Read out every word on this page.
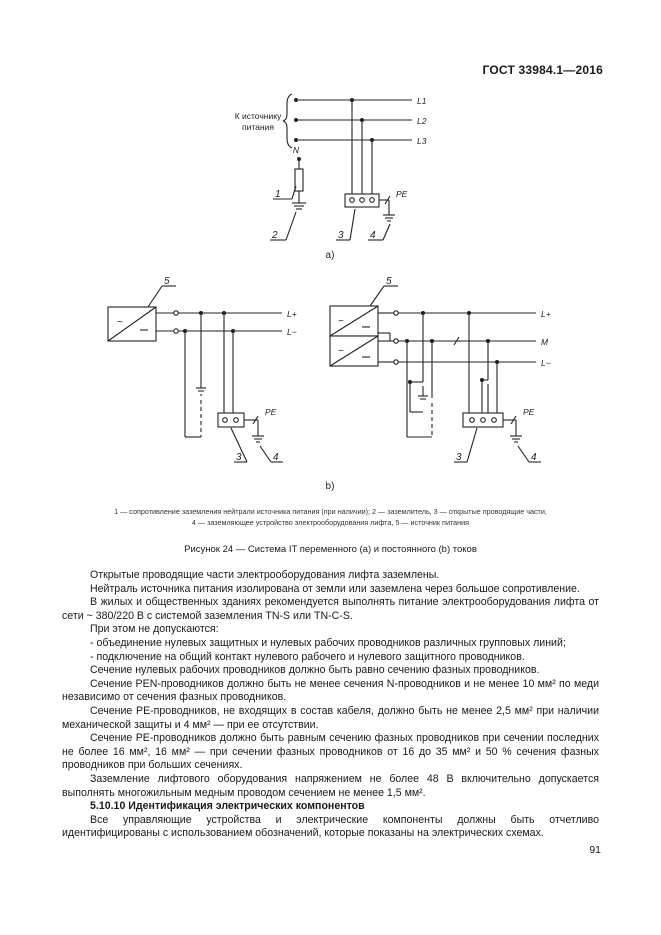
ГОСТ 33984.1—2016
К источнику
питания
L1
L2
L3
N
PE
1
2	3	4
a)
~
L+
L−
PE
5
3	4
~
~
L+
M
L−
PE
5
3	4
b)
1 — сопротивление заземления нейтрали источника питания (при наличии); 2 — заземлитель, 3 — открытые проводящие части,
4 — заземляющее устройство электрооборудования лифта, 5 — источник питания
Рисунок 24 — Система IT переменного (a) и постоянного (b) токов

Открытые проводящие части электрооборудования лифта заземлены.

Нейтраль источника питания изолирована от земли или заземлена через большое сопротивление.

В жилых и общественных зданиях рекомендуется выполнять питание электрооборудования лифта от сети ~ 380/220 В с системой заземления TN-S или TN-C-S.

При этом не допускаются:

- объединение нулевых защитных и нулевых рабочих проводников различных групповых линий;

- подключение на общий контакт нулевого рабочего и нулевого защитного проводников.

Сечение нулевых рабочих проводников должно быть равно сечению фазных проводников.

Сечение PEN-проводников должно быть не менее сечения N-проводников и не менее 10 мм² по меди независимо от сечения фазных проводников.

Сечение PE-проводников, не входящих в состав кабеля, должно быть не менее 2,5 мм² при наличии механической защиты и 4 мм² — при ее отсутствии.

Сечение PE-проводников должно быть равным сечению фазных проводников при сечении последних не более 16 мм², 16 мм² — при сечении фазных проводников от 16 до 35 мм² и 50 % сечения фазных проводников при больших сечениях.

Заземление лифтового оборудования напряжением не более 48 В включительно допускается выполнять многожильным медным проводом сечением не менее 1,5 мм².

5.10.10 Идентификация электрических компонентов

Все управляющие устройства и электрические компоненты должны быть отчетливо идентифицированы с использованием обозначений, которые показаны на электрических схемах.

91
